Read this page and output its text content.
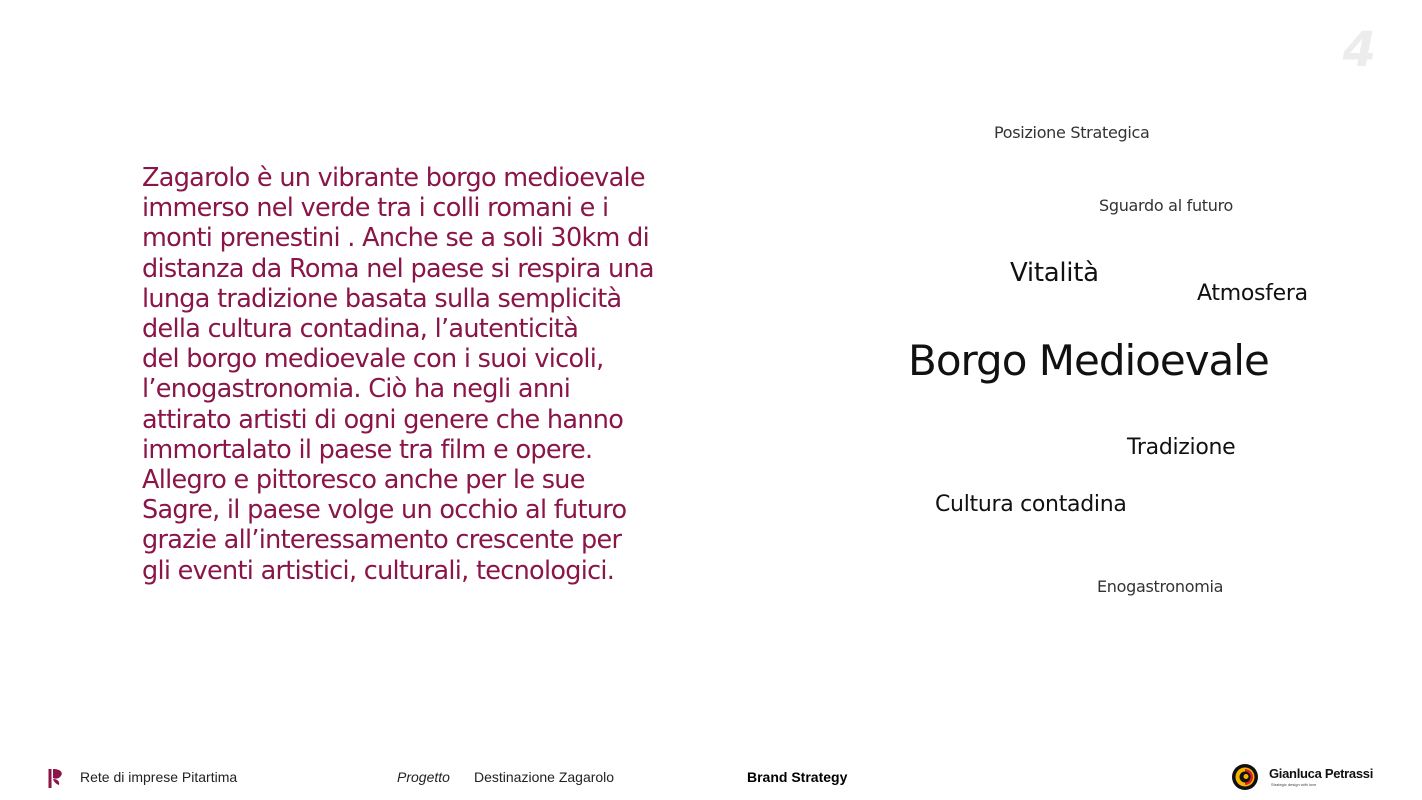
4

Zagarolo è un vibrante borgo medioevale
immerso nel verde tra i colli romani e i
monti prenestini . Anche se a soli 30km di
distanza da Roma nel paese si respira una
lunga tradizione basata sulla semplicità
della cultura contadina, l’autenticità
del borgo medioevale con i suoi vicoli,
l’enogastronomia. Ciò ha negli anni
attirato artisti di ogni genere che hanno
immortalato il paese tra film e opere.
Allegro e pittoresco anche per le sue
Sagre, il paese volge un occhio al futuro
grazie all’interessamento crescente per
gli eventi artistici, culturali, tecnologici.

Posizione Strategica
Sguardo al futuro
Vitalità
Atmosfera
Borgo Medioevale
Tradizione
Cultura contadina
Enogastronomia
Rete di imprese Pitartima	Progetto Destinazione Zagarolo	Brand Strategy	Gianluca Petrassi
Strategic design with love
